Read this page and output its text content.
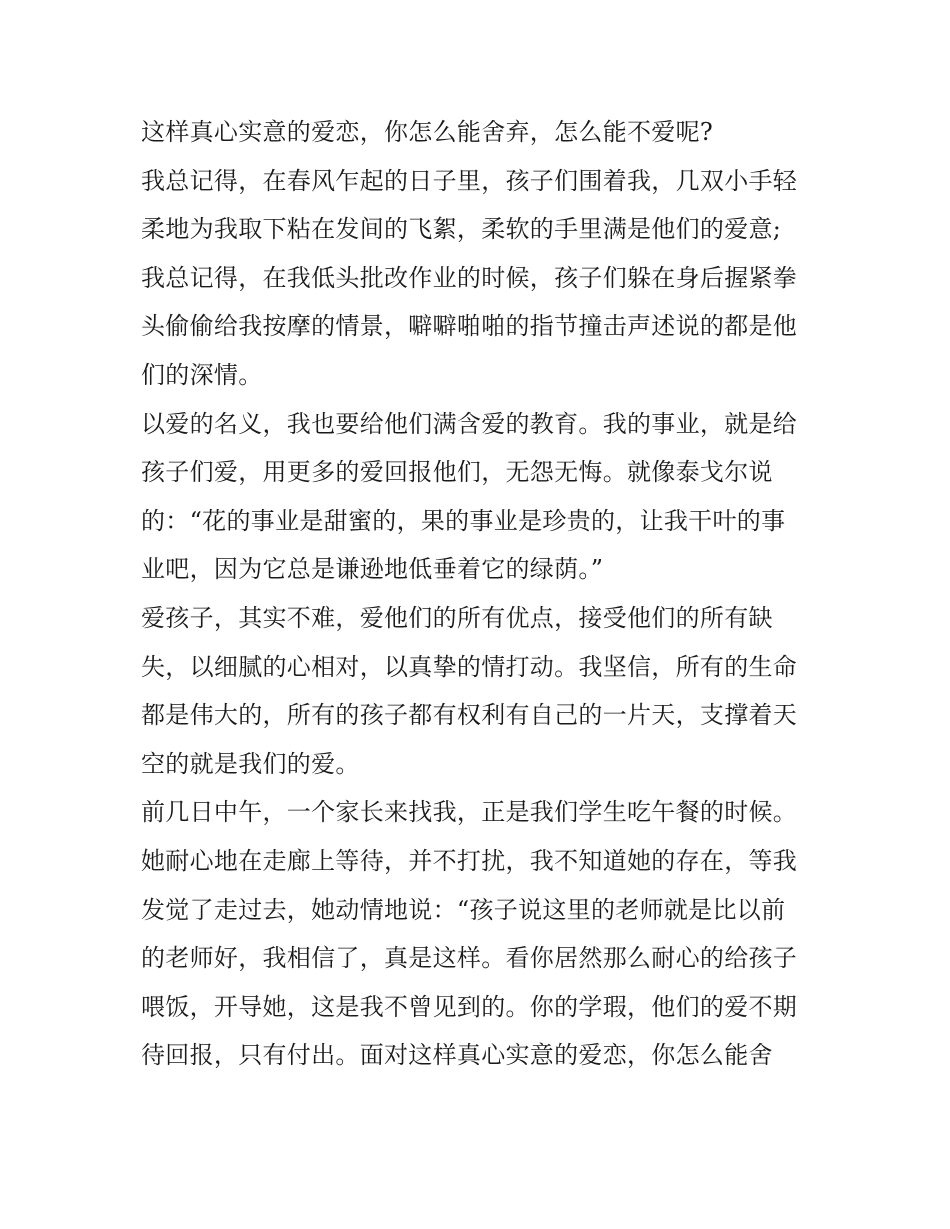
这样真心实意的爱恋，你怎么能舍弃，怎么能不爱呢?
我总记得，在春风乍起的日子里，孩子们围着我，几双小手轻
柔地为我取下粘在发间的飞絮，柔软的手里满是他们的爱意;
我总记得，在我低头批改作业的时候，孩子们躲在身后握紧拳
头偷偷给我按摩的情景，噼噼啪啪的指节撞击声述说的都是他
们的深情。
以爱的名义，我也要给他们满含爱的教育。我的事业，就是给
孩子们爱，用更多的爱回报他们，无怨无悔。就像泰戈尔说
的：“花的事业是甜蜜的，果的事业是珍贵的，让我干叶的事
业吧，因为它总是谦逊地低垂着它的绿荫。”
爱孩子，其实不难，爱他们的所有优点，接受他们的所有缺
失，以细腻的心相对，以真挚的情打动。我坚信，所有的生命
都是伟大的，所有的孩子都有权利有自己的一片天，支撑着天
空的就是我们的爱。
前几日中午，一个家长来找我，正是我们学生吃午餐的时候。
她耐心地在走廊上等待，并不打扰，我不知道她的存在，等我
发觉了走过去，她动情地说：“孩子说这里的老师就是比以前
的老师好，我相信了，真是这样。看你居然那么耐心的给孩子
喂饭，开导她，这是我不曾见到的。你的学瑕，他们的爱不期
待回报，只有付出。面对这样真心实意的爱恋，你怎么能舍
